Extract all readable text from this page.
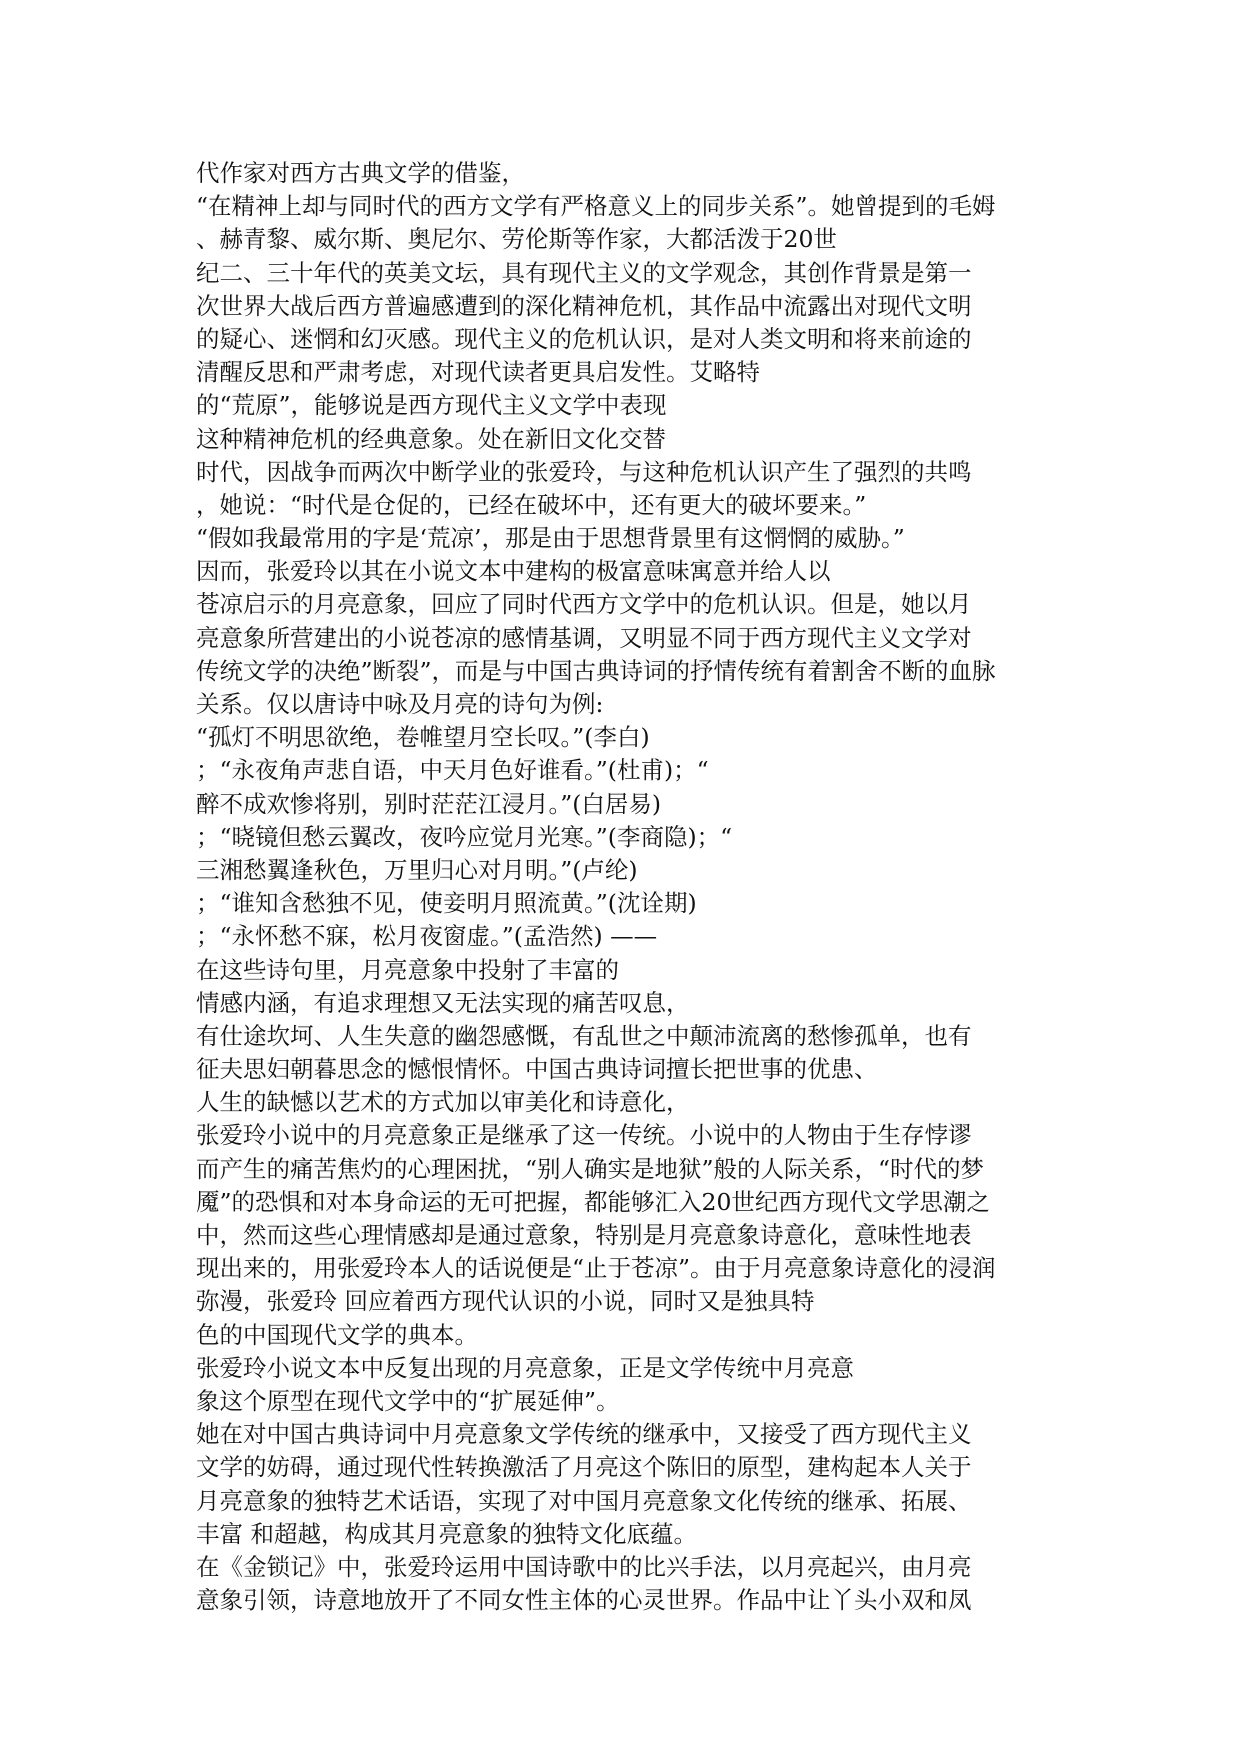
代作家对西方古典文学的借鉴，
“在精神上却与同时代的西方文学有严格意义上的同步关系”。她曾提到的毛姆
、赫青黎、威尔斯、奥尼尔、劳伦斯等作家，大都活泼于20世
纪二、三十年代的英美文坛，具有现代主义的文学观念，其创作背景是第一
次世界大战后西方普遍感遭到的深化精神危机，其作品中流露出对现代文明
的疑心、迷惘和幻灭感。现代主义的危机认识，是对人类文明和将来前途的
清醒反思和严肃考虑，对现代读者更具启发性。艾略特
的“荒原”，能够说是西方现代主义文学中表现
这种精神危机的经典意象。处在新旧文化交替
时代，因战争而两次中断学业的张爱玲，与这种危机认识产生了强烈的共鸣
，她说：“时代是仓促的，已经在破坏中，还有更大的破坏要来。”
“假如我最常用的字是‘荒凉’，那是由于思想背景里有这惘惘的威胁。”
因而，张爱玲以其在小说文本中建构的极富意味寓意并给人以
苍凉启示的月亮意象，回应了同时代西方文学中的危机认识。但是，她以月
亮意象所营建出的小说苍凉的感情基调，又明显不同于西方现代主义文学对
传统文学的决绝”断裂”，而是与中国古典诗词的抒情传统有着割舍不断的血脉
关系。仅以唐诗中咏及月亮的诗句为例:
“孤灯不明思欲绝，卷帷望月空长叹。”(李白)
；“永夜角声悲自语，中天月色好谁看。”(杜甫)；“
醉不成欢惨将别，别时茫茫江浸月。”(白居易)
；“晓镜但愁云翼改，夜吟应觉月光寒。”(李商隐)；“
三湘愁翼逢秋色，万里归心对月明。”(卢纶)
；“谁知含愁独不见，使妾明月照流黄。”(沈诠期)
；“永怀愁不寐，松月夜窗虚。”(孟浩然) ——
在这些诗句里，月亮意象中投射了丰富的
情感内涵，有追求理想又无法实现的痛苦叹息，
有仕途坎坷、人生失意的幽怨感慨，有乱世之中颠沛流离的愁惨孤单，也有
征夫思妇朝暮思念的憾恨情怀。中国古典诗词擅长把世事的优患、
人生的缺憾以艺术的方式加以审美化和诗意化，
张爱玲小说中的月亮意象正是继承了这一传统。小说中的人物由于生存悖谬
而产生的痛苦焦灼的心理困扰，“别人确实是地狱”般的人际关系，“时代的梦
魇”的恐惧和对本身命运的无可把握，都能够汇入20世纪西方现代文学思潮之
中，然而这些心理情感却是通过意象，特别是月亮意象诗意化，意味性地表
现出来的，用张爱玲本人的话说便是“止于苍凉”。由于月亮意象诗意化的浸润
弥漫，张爱玲 回应着西方现代认识的小说，同时又是独具特
色的中国现代文学的典本。
张爱玲小说文本中反复出现的月亮意象，正是文学传统中月亮意
象这个原型在现代文学中的“扩展延伸”。
她在对中国古典诗词中月亮意象文学传统的继承中，又接受了西方现代主义
文学的妨碍，通过现代性转换激活了月亮这个陈旧的原型，建构起本人关于
月亮意象的独特艺术话语，实现了对中国月亮意象文化传统的继承、拓展、
丰富 和超越，构成其月亮意象的独特文化底蕴。
在《金锁记》中，张爱玲运用中国诗歌中的比兴手法，以月亮起兴，由月亮
意象引领，诗意地放开了不同女性主体的心灵世界。作品中让丫头小双和凤
